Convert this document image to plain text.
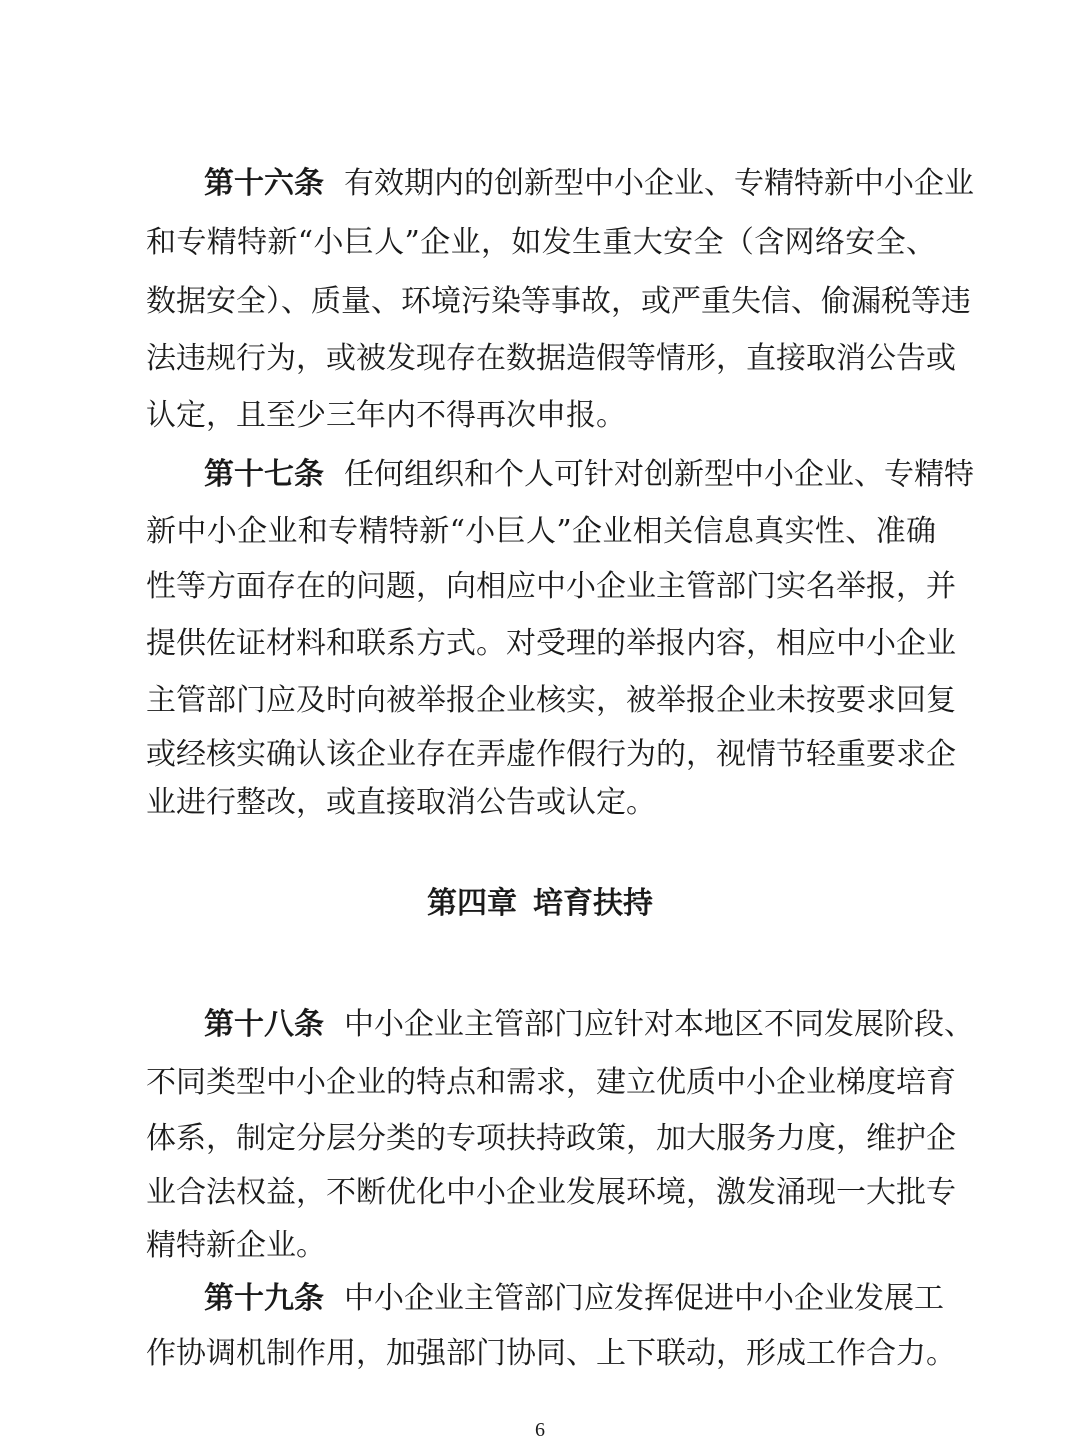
第十六条 有效期内的创新型中小企业、专精特新中小企业
和专精特新“小巨人”企业，如发生重大安全（含网络安全、
数据安全）、质量、环境污染等事故，或严重失信、偷漏税等违
法违规行为，或被发现存在数据造假等情形，直接取消公告或
认定，且至少三年内不得再次申报。
第十七条 任何组织和个人可针对创新型中小企业、专精特
新中小企业和专精特新“小巨人”企业相关信息真实性、准确
性等方面存在的问题，向相应中小企业主管部门实名举报，并
提供佐证材料和联系方式。对受理的举报内容，相应中小企业
主管部门应及时向被举报企业核实，被举报企业未按要求回复
或经核实确认该企业存在弄虚作假行为的，视情节轻重要求企
业进行整改，或直接取消公告或认定。
第四章 培育扶持
第十八条 中小企业主管部门应针对本地区不同发展阶段、
不同类型中小企业的特点和需求，建立优质中小企业梯度培育
体系，制定分层分类的专项扶持政策，加大服务力度，维护企
业合法权益，不断优化中小企业发展环境，激发涌现一大批专
精特新企业。
第十九条 中小企业主管部门应发挥促进中小企业发展工
作协调机制作用，加强部门协同、上下联动，形成工作合力。
6
